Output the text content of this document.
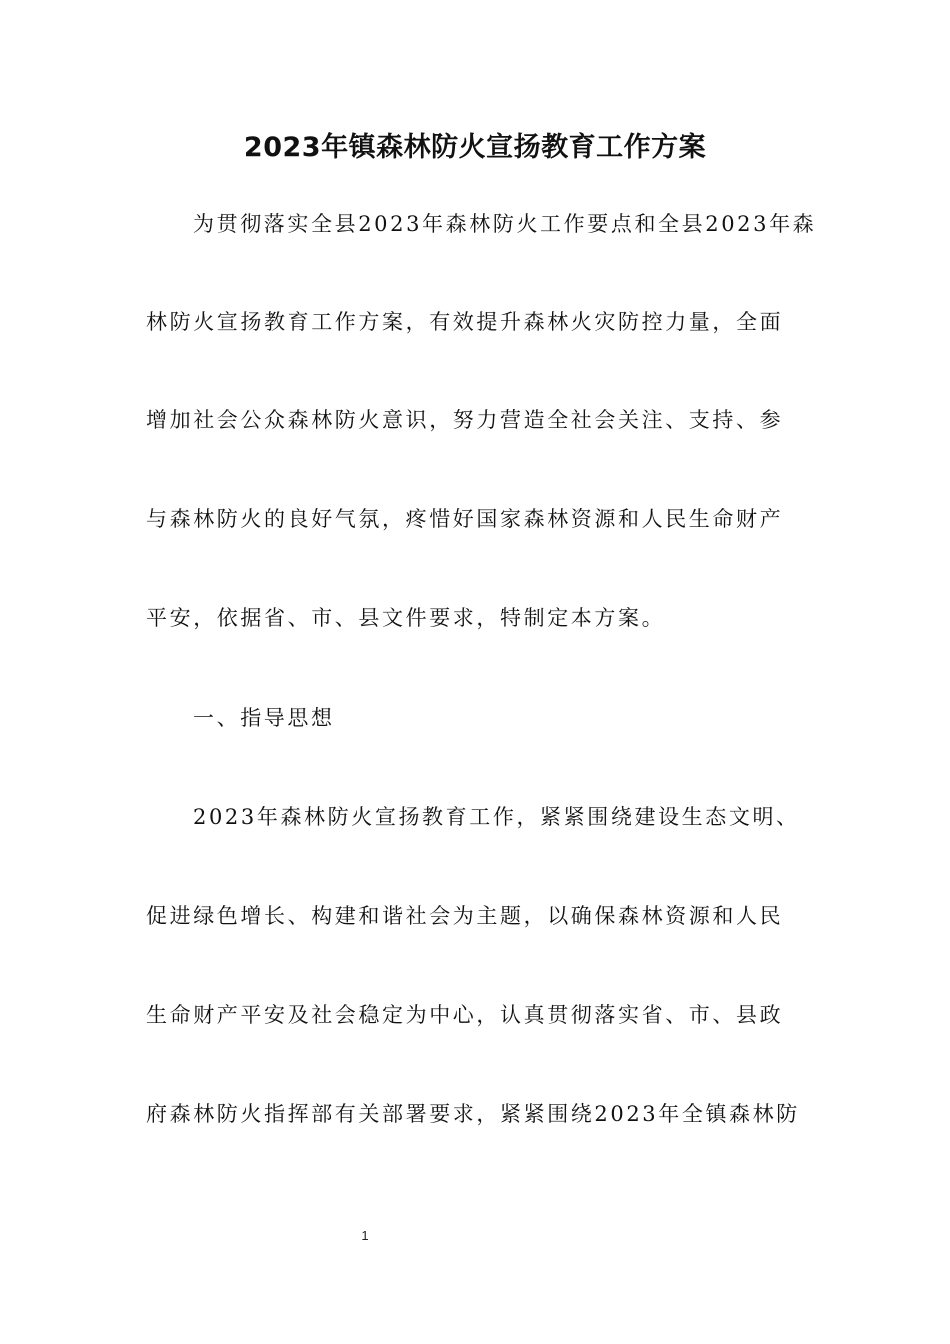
2023年镇森林防火宣扬教育工作方案
为贯彻落实全县2023年森林防火工作要点和全县2023年森
林防火宣扬教育工作方案，有效提升森林火灾防控力量，全面
增加社会公众森林防火意识，努力营造全社会关注、支持、参
与森林防火的良好气氛，疼惜好国家森林资源和人民生命财产
平安，依据省、市、县文件要求，特制定本方案。
一、指导思想
2023年森林防火宣扬教育工作，紧紧围绕建设生态文明、
促进绿色增长、构建和谐社会为主题，以确保森林资源和人民
生命财产平安及社会稳定为中心，认真贯彻落实省、市、县政
府森林防火指挥部有关部署要求，紧紧围绕2023年全镇森林防
1
